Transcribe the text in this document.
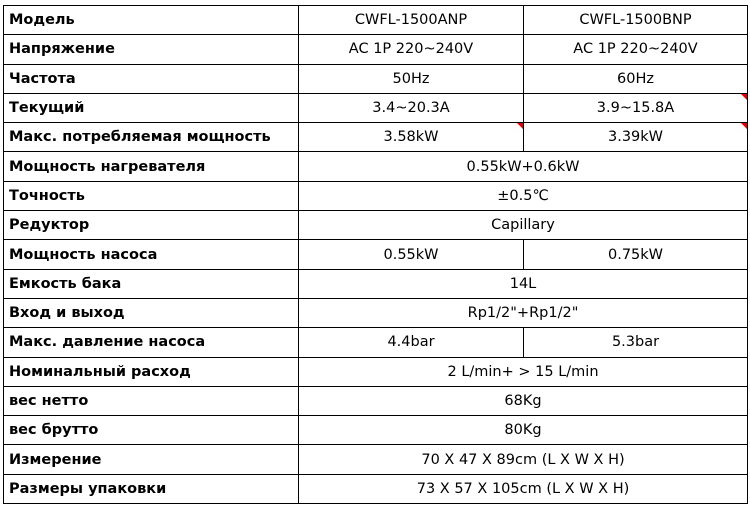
Модель	CWFL-1500ANP	CWFL-1500BNP
Напряжение	AC 1P 220~240V	AC 1P 220~240V
Частота	50Hz	60Hz
Текущий	3.4~20.3A	3.9~15.8A
Макс. потребляемая мощность	3.58kW	3.39kW
Мощность нагревателя	0.55kW+0.6kW	
Точность	±0.5℃	
Редуктор	Capillary	
Мощность насоса	0.55kW	0.75kW
Емкость бака	14L	
Вход и выход	Rp1/2"+Rp1/2"	
Макс. давление насоса	4.4bar	5.3bar
Номинальный расход	2 L/min+ > 15 L/min	
вес нетто	68Kg	
вес брутто	80Kg	
Измерение	70 X 47 X 89cm (L X W X H)	
Размеры упаковки	73 X 57 X 105cm (L X W X H)	
